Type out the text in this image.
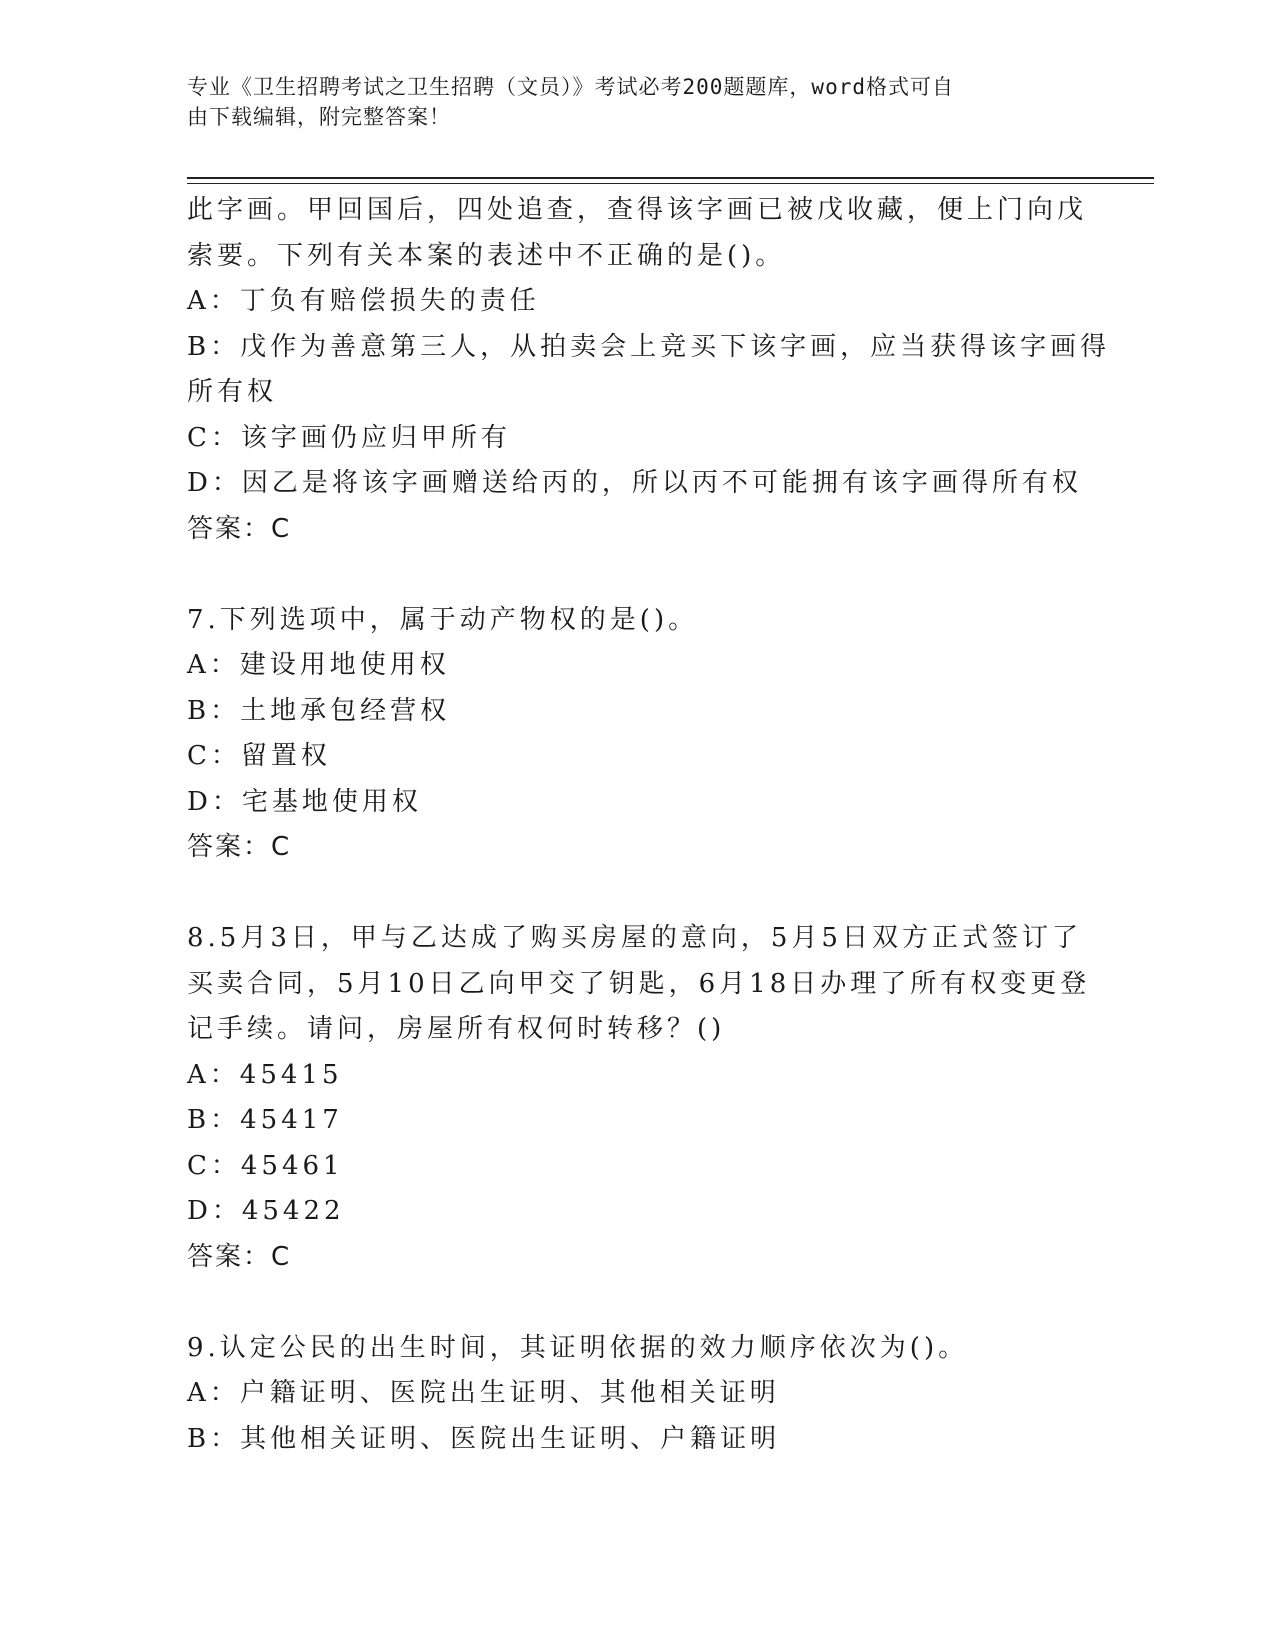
专业《卫生招聘考试之卫生招聘（文员）》考试必考200题题库，word格式可自
由下载编辑，附完整答案！
此字画。甲回国后，四处追查，查得该字画已被戊收藏，便上门向戊
索要。下列有关本案的表述中不正确的是()。
A：丁负有赔偿损失的责任
B：戊作为善意第三人，从拍卖会上竞买下该字画，应当获得该字画得
所有权
C：该字画仍应归甲所有
D：因乙是将该字画赠送给丙的，所以丙不可能拥有该字画得所有权
答案：C
7.下列选项中，属于动产物权的是()。
A：建设用地使用权
B：土地承包经营权
C：留置权
D：宅基地使用权
答案：C
8.5月3日，甲与乙达成了购买房屋的意向，5月5日双方正式签订了
买卖合同，5月10日乙向甲交了钥匙，6月18日办理了所有权变更登
记手续。请问，房屋所有权何时转移？()
A：45415
B：45417
C：45461
D：45422
答案：C
9.认定公民的出生时间，其证明依据的效力顺序依次为()。
A：户籍证明、医院出生证明、其他相关证明
B：其他相关证明、医院出生证明、户籍证明
